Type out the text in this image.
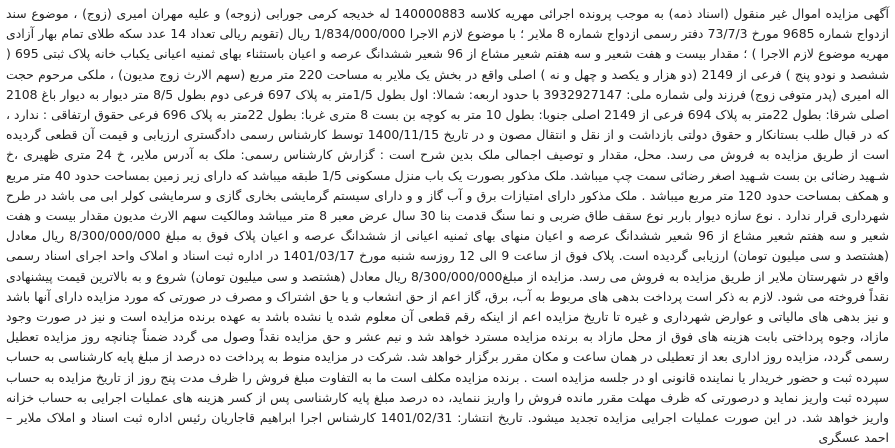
آگهی مزایده اموال غیر منقول (اسناد ذمه) به موجب پرونده اجرائی مهریه کلاسه 140000883 له خدیجه کرمی جورابی (زوجه) و علیه مهران امیری (زوج) ، موضوع سند ازدواج شماره 9685 مورخ 73/7/3 دفتر رسمی ازدواج شماره 8 ملایر ؛ با موضوع لازم الاجرا 1/834/000/000 ریال (تقویم ریالی تعداد 14 عدد سکه طلای تمام بهار آزادی مهریه موضوع لازم الاجرا ) ؛ مقدار بیست و هفت شعیر و سه هفتم شعیر مشاع از 96 شعیر ششدانگ عرصه و اعیان باستثناء بهای ثمنیه اعیانی یکباب خانه پلاک ثبتی 695 ( ششصد و نودو پنج ) فرعی از 2149 (دو هزار و یکصد و چهل و نه ) اصلی واقع در بخش یک ملایر به مساحت 220 متر مربع (سهم الارث زوج مدیون) ، ملکی مرحوم حجت اله امیری (پدر متوفی زوج) فرزند ولی شماره ملی: 3932927147 با حدود اربعه: شمالا: اول بطول 1/5متر به پلاک 697 فرعی دوم بطول 8/5 متر دیوار به دیوار باغ 2108 اصلی شرقا: بطول 22متر به پلاک 694 فرعی از 2149 اصلی جنوبا: بطول 10 متر به کوچه بن بست 8 متری غربا: بطول 22متر به پلاک 696 فرعی حقوق ارتفاقی : ندارد ، که در قبال طلب بستانکار و حقوق دولتی بازداشت و از نقل و انتقال مصون و در تاریخ 1400/11/15 توسط کارشناس رسمی دادگستری ارزیابی و قیمت آن قطعی گردیده است از طریق مزایده به فروش می رسد. محل، مقدار و توصیف اجمالی ملک بدین شرح است : گزارش کارشناس رسمی: ملک به آدرس ملایر، خ 24 متری ظهیری ،خ شـهید رضائی بن بست شـهید اصغر رضائی سمت چپ میباشد. ملک مذکور بصورت یک باب منزل مسکونی 1/5 طبقه میباشد که دارای زیر زمین بمساحت حدود 40 متر مربع و همکف بمساحت حدود 120 متر مربع میباشد . ملک مذکور دارای امتیازات برق و آب گاز و و دارای سیستم گرمایشی بخاری گازی و سرمایشی کولر ابی می باشد در طرح شهرداری قرار ندارد . نوع سازه دیوار باربر نوع سقف طاق ضربی و نما سنگ قدمت بنا 30 سال عرض معبر 8 متر میباشد ومالکیت سهم الارث مدیون مقدار بیست و هفت شعیر و سه هفتم شعیر مشاع از 96 شعیر ششدانگ عرصه و اعیان منهای بهای ثمنیه اعیانی از ششدانگ عرصه و اعیان پلاک فوق به مبلغ 8/300/000/000 ریال معادل (هشتصد و سی میلیون تومان) ارزیابی گردیده است. پلاک فوق از ساعت 9 الی 12 روزسه شنبه مورخ 1401/03/17 در اداره ثبت اسناد و املاک واحد اجرای اسناد رسمی واقع در شهرستان ملایر از طریق مزایده به فروش می رسد. مزایده از مبلغ8/300/000/000 ریال معادل (هشتصد و سی میلیون تومان) شروع و به بالاترین قیمت پیشنهادی نقداً فروخته می شود. لازم به ذکر است پرداخت بدهی های مربوط به آب، برق، گاز اعم از حق انشعاب و یا حق اشتراک و مصرف در صورتی که مورد مزایده دارای آنها باشد و نیز بدهی های مالیاتی و عوارض شهرداری و غیره تا تاریخ مزایده اعم از اینکه رقم قطعی آن معلوم شده یا نشده باشد به عهده برنده مزایده است و نیز در صورت وجود مازاد، وجوه پرداختی بابت هزینه های فوق از محل مازاد به برنده مزایده مسترد خواهد شد و نیم عشر و حق مزایده نقداً وصول می گردد ضمناً چنانچه روز مزایده تعطیل رسمی گردد، مزایده روز اداری بعد از تعطیلی در همان ساعت و مکان مقرر برگزار خواهد شد. شرکت در مزایده منوط به پرداخت ده درصد از مبلغ پایه کارشناسی به حساب سپرده ثبت و حضور خریدار یا نماینده قانونی او در جلسه مزایده است . برنده مزایده مکلف است ما به التفاوت مبلغ فروش را ظرف مدت پنج روز از تاریخ مزایده به حساب سپرده ثبت واریز نماید و درصورتی که ظرف مهلت مقرر مانده فروش را واریز ننماید، ده درصد مبلغ پایه کارشناسی پس از کسر هزینه های عملیات اجرایی به حساب خزانه واریز خواهد شد. در این صورت عملیات اجرایی مزایده تجدید میشود. تاریخ انتشار: 1401/02/31 کارشناس اجرا ابراهیم قاجاریان رئیس اداره ثبت اسناد و املاک ملایر – احمد عسگری
